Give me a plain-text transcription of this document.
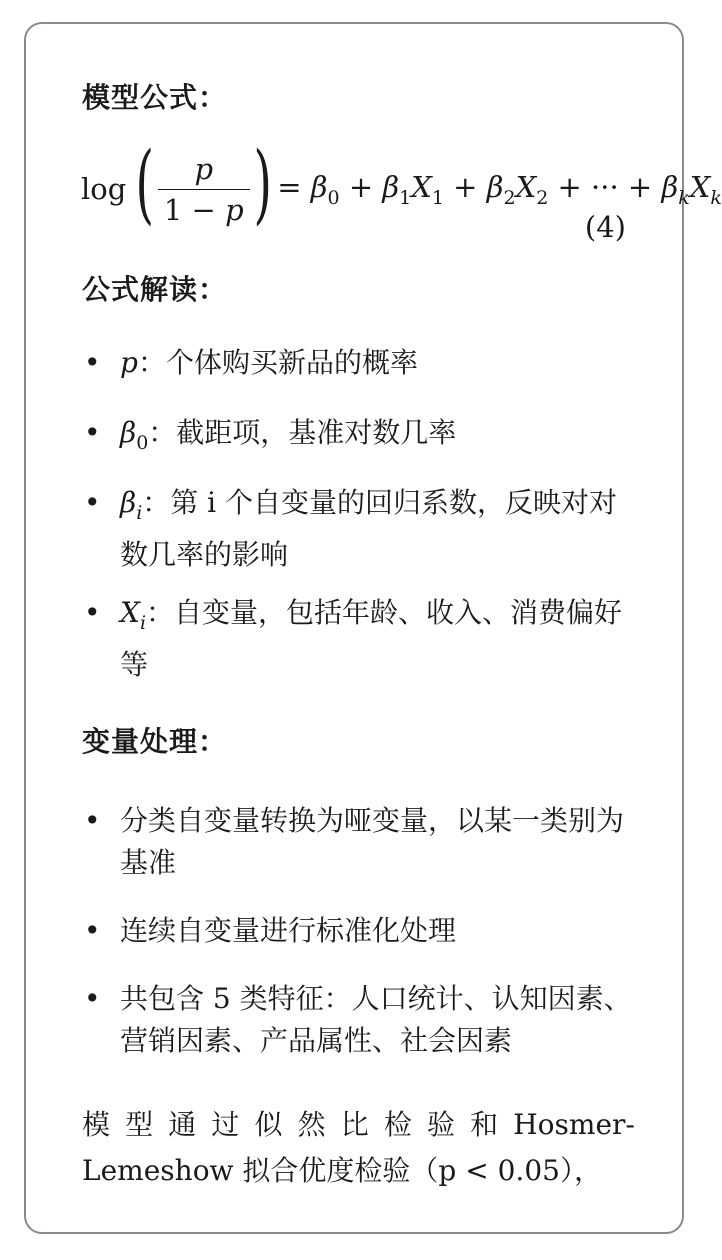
模型公式：
log ( $\frac{p}{1 - p}$ ) = $\beta_0 + \beta_1X_1 + \beta_2X_2$ + ··· + $\beta_kX_k$
(4)
公式解读：
• p：个体购买新品的概率
• $\beta_0$：截距项，基准对数几率
• $\beta_i$：第 i 个自变量的回归系数，反映对对数几率的影响
• $X_i$：自变量，包括年龄、收入、消费偏好等
变量处理：
• 分类自变量转换为哑变量，以某一类别为基准
• 连续自变量进行标准化处理
• 共包含 5 类特征：人口统计、认知因素、营销因素、产品属性、社会因素
模 型 通 过 似 然 比 检 验 和 Hosmer-
Lemeshow 拟合优度检验（p < 0.05），
